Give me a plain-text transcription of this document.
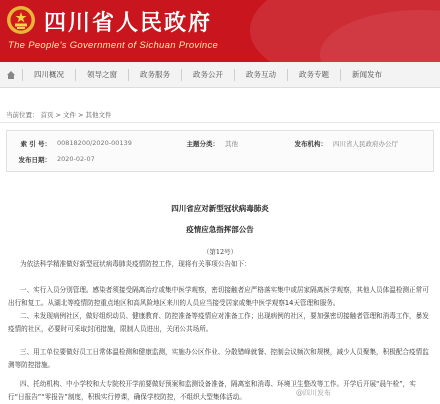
四川省人民政府
The People's Government of Sichuan Province
四川概况	领导之窗	政务服务	政务公开	政务互动	政务专题	新闻发布
当前位置： 首页 > 文件 > 其他文件
索 引 号： 00818200/2020-00139	主题分类： 其他	发布机构： 四川省人民政府办公厅
发布日期： 2020-02-07
四川省应对新型冠状病毒肺炎
疫情应急指挥部公告
（第12号）
为依法科学精准做好新型冠状病毒肺炎疫情防控工作，现将有关事项公告如下：
一、实行入员分别管理。感染者须接受隔离治疗或集中医学观察，密切接触者应严格落实集中或居家隔离医学观察，其他人员体温检测正常可出行和复工。从湖北等疫情防控重点地区和高风险地区来川的人员应当接受居家或集中医学观察14天管理和服务。
二、未发现病例社区，做好组织动员、健康教育、防控准备等疫情应对准备工作；出现病例的社区，要加强密切接触者管理和消毒工作，暴发疫情的社区，必要时可采取封闭措施，限制人员进出，关闭公共场所。
三、用工单位要做好员工日常体温检测和健康监测，实施办公区作业、分散错峰就餐、控制会议频次和规模，减少人员聚集，积极配合疫情监测等防控措施。
四、托幼机构、中小学校和大专院校开学前要做好预案和监测设备准备，隔离室和消毒、环境卫生整改等工作。开学后开展“晨午检”，实行“日报告”“零报告”制度，积极实行停课，确保学校防控，不组织大型集体活动。	@四川发布
